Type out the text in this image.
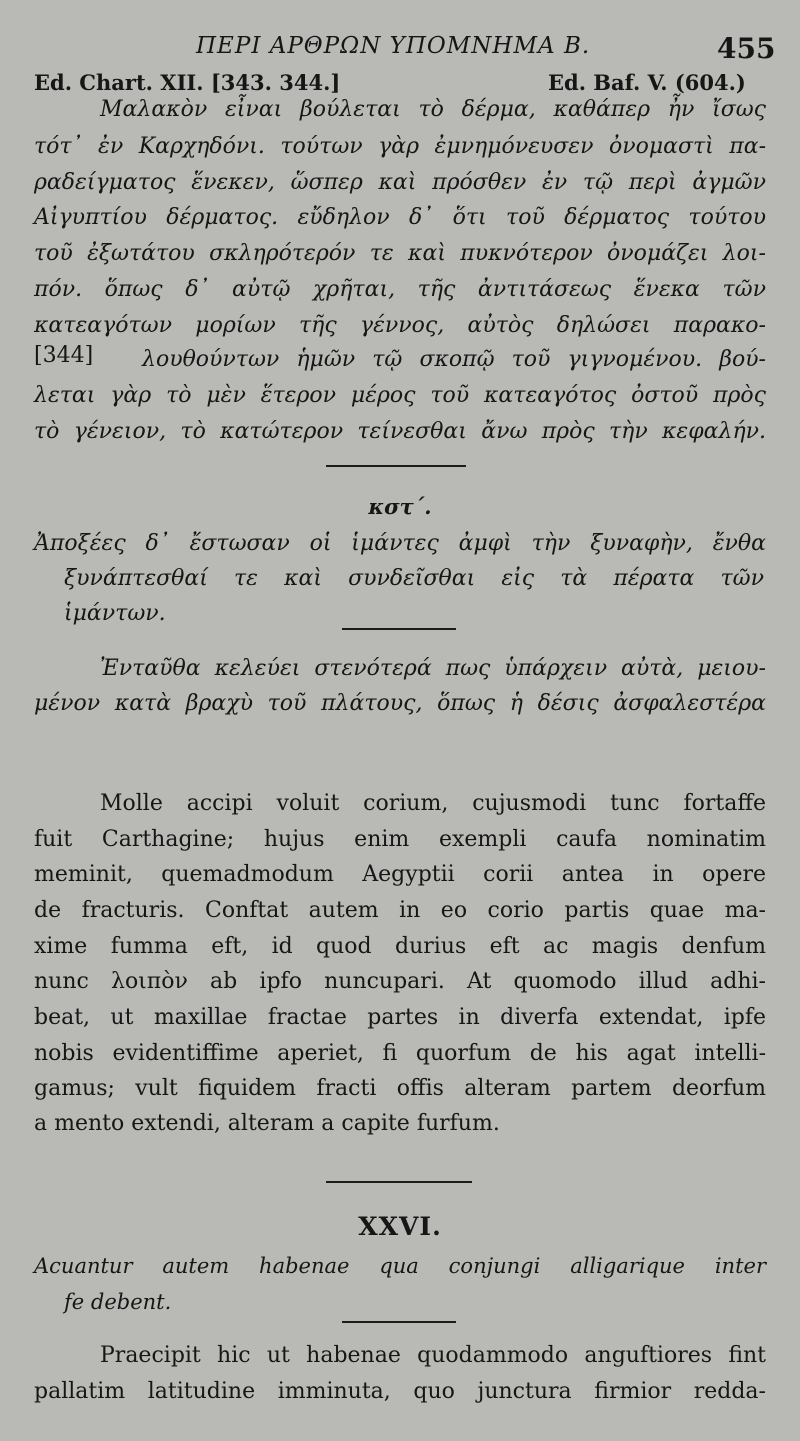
ΠΕΡΙ ΑΡΘΡΩΝ ΥΠΟΜΝΗΜΑ Β.	455
Ed. Chart. XII. [343. 344.]	Ed. Baf. V. (604.)
Μαλακὸν εἶναι βούλεται τὸ δέρμα, καθάπερ ἦν ἴσως
τότ᾽ ἐν Καρχηδόνι. τούτων γὰρ ἐμνημόνευσεν ὀνομαστὶ πα-
ραδείγματος ἕνεκεν, ὥσπερ καὶ πρόσθεν ἐν τῷ περὶ ἀγμῶν
Αἰγυπτίου δέρματος. εὔδηλον δ᾽ ὅτι τοῦ δέρματος τούτου
τοῦ ἐξωτάτου σκληρότερόν τε καὶ πυκνότερον ὀνομάζει λοι-
πόν. ὅπως δ᾽ αὐτῷ χρῆται, τῆς ἀντιτάσεως ἕνεκα τῶν
κατεαγότων μορίων τῆς γέννος, αὐτὸς δηλώσει παρακο-
[344] λουθούντων ἡμῶν τῷ σκοπῷ τοῦ γιγνομένου. βού-
λεται γὰρ τὸ μὲν ἕτερον μέρος τοῦ κατεαγότος ὀστοῦ πρὸς
τὸ γένειον, τὸ κατώτερον τείνεσθαι ἄνω πρὸς τὴν κεφαλήν.
κστ΄.
Ἀποξέες δ᾽ ἔστωσαν οἱ ἱμάντες ἀμφὶ τὴν ξυναφὴν, ἔνθα
ξυνάπτεσθαί τε καὶ συνδεῖσθαι εἰς τὰ πέρατα τῶν
ἱμάντων.
Ἐνταῦθα κελεύει στενότερά πως ὑπάρχειν αὐτὰ, μειου-
μένον κατὰ βραχὺ τοῦ πλάτους, ὅπως ἡ δέσις ἀσφαλεστέρα
Molle accipi voluit corium, cujusmodi tunc fortaffe
fuit Carthagine; hujus enim exempli caufa nominatim
meminit, quemadmodum Aegyptii corii antea in opere
de fracturis. Conftat autem in eo corio partis quae ma-
xime fumma eft, id quod durius eft ac magis denfum
nunc λοιπὸν ab ipfo nuncupari. At quomodo illud adhi-
beat, ut maxillae fractae partes in diverfa extendat, ipfe
nobis evidentiffime aperiet, fi quorfum de his agat intelli-
gamus; vult fiquidem fracti offis alteram partem deorfum
a mento extendi, alteram a capite furfum.
XXVI.
Acuantur autem habenae qua conjungi alligarique inter
fe debent.
Praecipit hic ut habenae quodammodo anguftiores fint
pallatim latitudine imminuta, quo junctura firmior redda-
